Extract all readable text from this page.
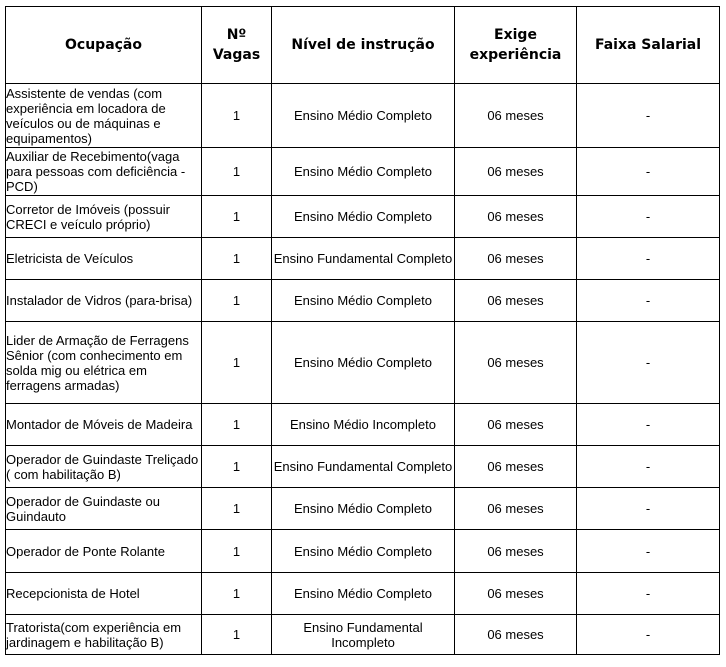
Ocupação	Nº Vagas	Nível de instrução	Exige experiência	Faixa Salarial
Assistente de vendas (com experiência em locadora de veículos ou de máquinas e equipamentos)	1	Ensino Médio Completo	06 meses	-
Auxiliar de Recebimento(vaga para pessoas com deficiência - PCD)	1	Ensino Médio Completo	06 meses	-
Corretor de Imóveis (possuir CRECI e veículo próprio)	1	Ensino Médio Completo	06 meses	-
Eletricista de Veículos	1	Ensino Fundamental Completo	06 meses	-
Instalador de Vidros (para-brisa)	1	Ensino Médio Completo	06 meses	-
Lider de Armação de Ferragens Sênior (com conhecimento em solda mig ou elétrica em ferragens armadas)	1	Ensino Médio Completo	06 meses	-
Montador de Móveis de Madeira	1	Ensino Médio Incompleto	06 meses	-
Operador de Guindaste Treliçado ( com habilitação B)	1	Ensino Fundamental Completo	06 meses	-
Operador de Guindaste ou Guindauto	1	Ensino Médio Completo	06 meses	-
Operador de Ponte Rolante	1	Ensino Médio Completo	06 meses	-
Recepcionista de Hotel	1	Ensino Médio Completo	06 meses	-
Tratorista(com experiência em jardinagem e habilitação B)	1	Ensino Fundamental Incompleto	06 meses	-
